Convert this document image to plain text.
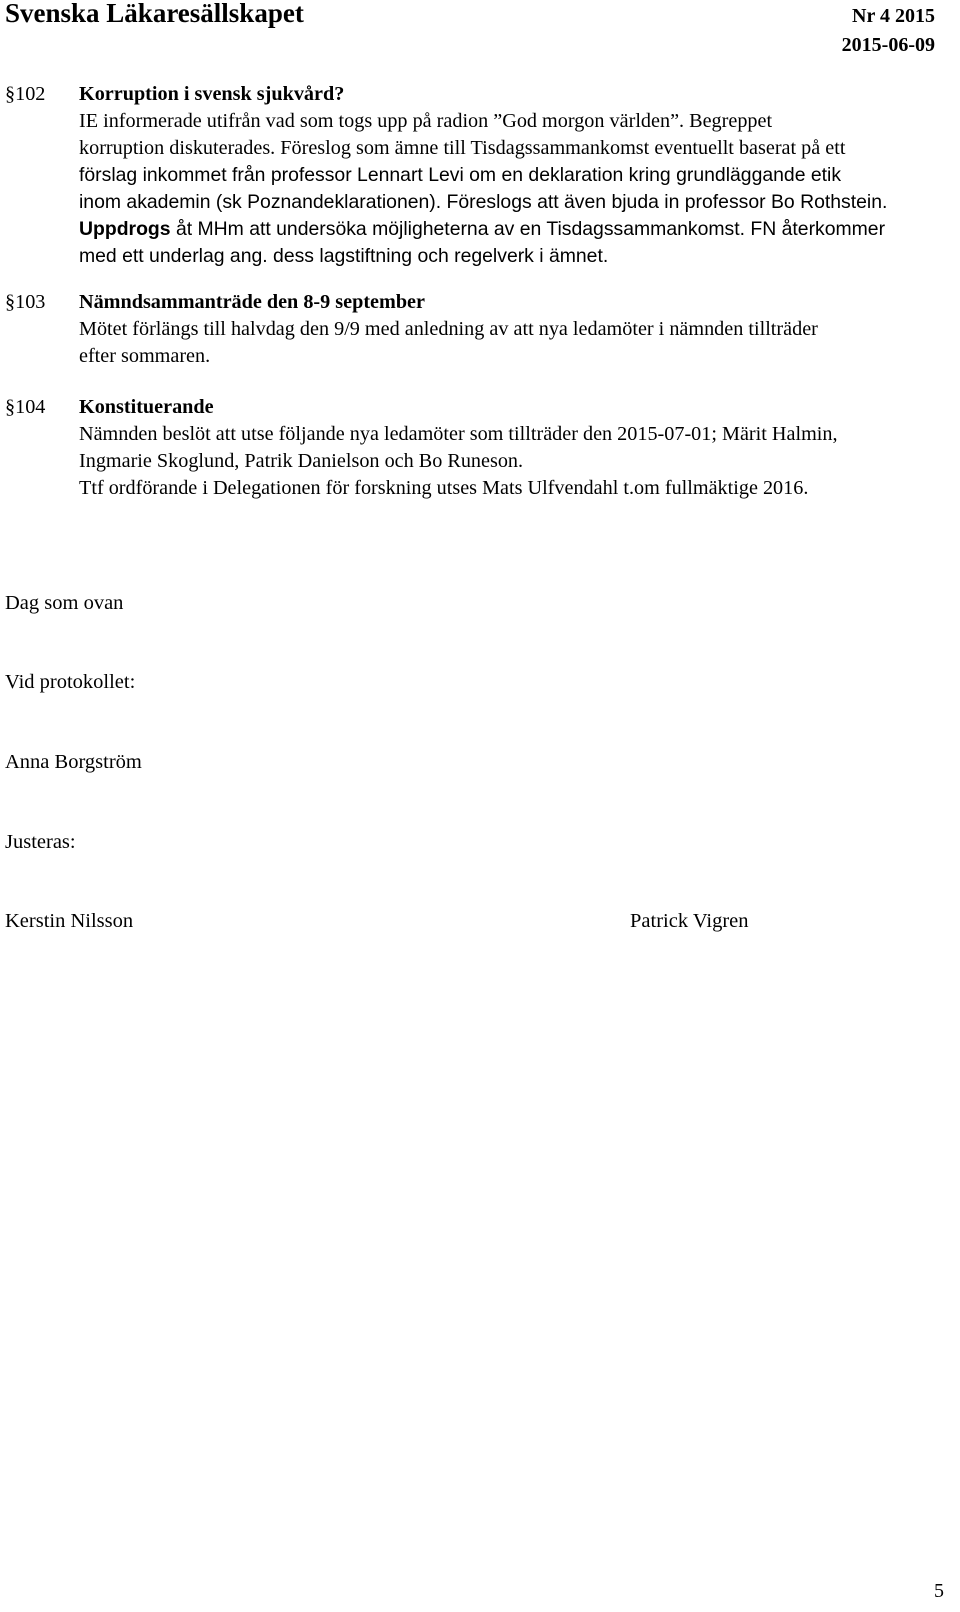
Svenska Läkaresällskapet	Nr 4 2015
2015-06-09
§102 Korruption i svensk sjukvård?
IE informerade utifrån vad som togs upp på radion ”God morgon världen”. Begreppet
korruption diskuterades. Föreslog som ämne till Tisdagssammankomst eventuellt baserat på ett
förslag inkommet från professor Lennart Levi om en deklaration kring grundläggande etik
inom akademin (sk Poznandeklarationen). Föreslogs att även bjuda in professor Bo Rothstein.
Uppdrogs åt MHm att undersöka möjligheterna av en Tisdagssammankomst. FN återkommer
med ett underlag ang. dess lagstiftning och regelverk i ämnet.
§103 Nämndsammanträde den 8-9 september
Mötet förlängs till halvdag den 9/9 med anledning av att nya ledamöter i nämnden tillträder
efter sommaren.
§104 Konstituerande
Nämnden beslöt att utse följande nya ledamöter som tillträder den 2015-07-01; Märit Halmin,
Ingmarie Skoglund, Patrik Danielson och Bo Runeson.
Ttf ordförande i Delegationen för forskning utses Mats Ulfvendahl t.om fullmäktige 2016.
Dag som ovan
Vid protokollet:
Anna Borgström
Justeras:
Kerstin Nilsson	Patrick Vigren
5
